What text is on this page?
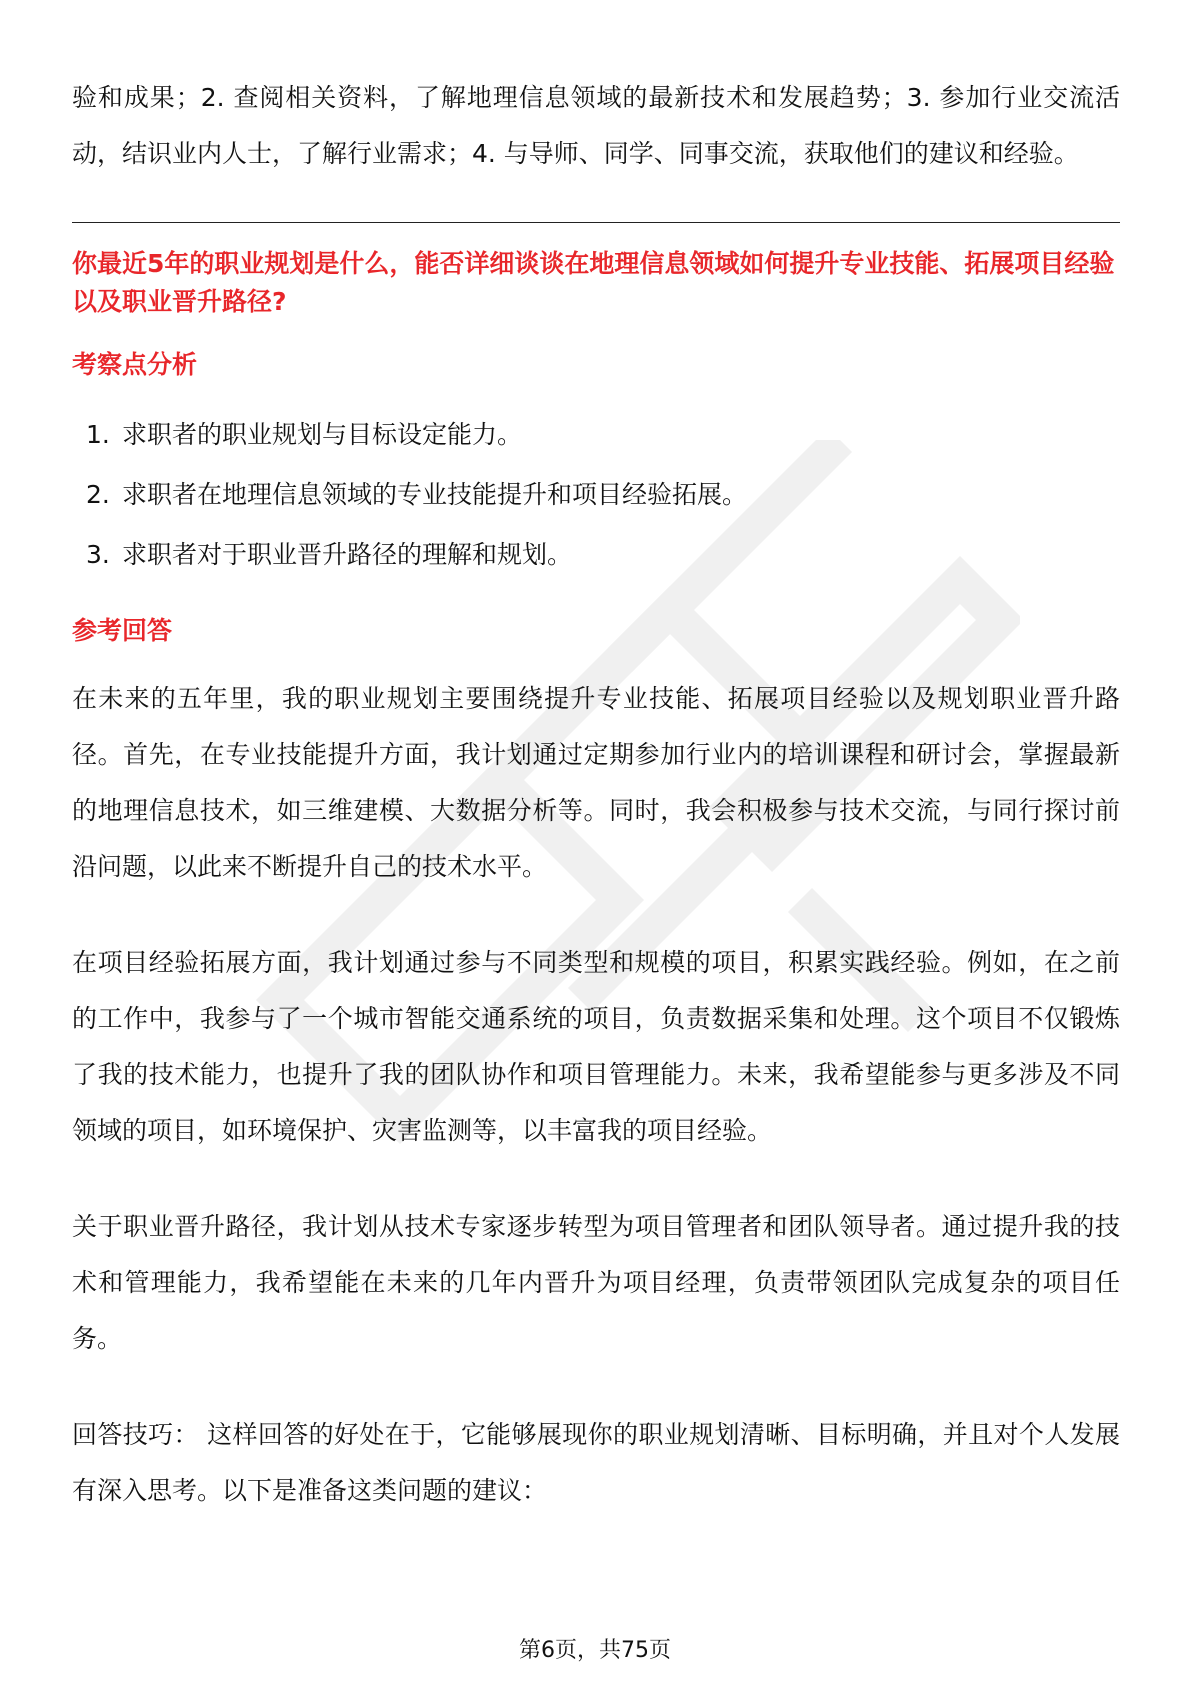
验和成果；2. 查阅相关资料，了解地理信息领域的最新技术和发展趋势；3. 参加行业交流活动，结识业内人士，了解行业需求；4. 与导师、同学、同事交流，获取他们的建议和经验。

你最近5年的职业规划是什么，能否详细谈谈在地理信息领域如何提升专业技能、拓展项目经验以及职业晋升路径?

考察点分析
1. 求职者的职业规划与目标设定能力。
2. 求职者在地理信息领域的专业技能提升和项目经验拓展。
3. 求职者对于职业晋升路径的理解和规划。
参考回答

在未来的五年里，我的职业规划主要围绕提升专业技能、拓展项目经验以及规划职业晋升路径。首先，在专业技能提升方面，我计划通过定期参加行业内的培训课程和研讨会，掌握最新的地理信息技术，如三维建模、大数据分析等。同时，我会积极参与技术交流，与同行探讨前沿问题，以此来不断提升自己的技术水平。

在项目经验拓展方面，我计划通过参与不同类型和规模的项目，积累实践经验。例如，在之前的工作中，我参与了一个城市智能交通系统的项目，负责数据采集和处理。这个项目不仅锻炼了我的技术能力，也提升了我的团队协作和项目管理能力。未来，我希望能参与更多涉及不同领域的项目，如环境保护、灾害监测等，以丰富我的项目经验。

关于职业晋升路径，我计划从技术专家逐步转型为项目管理者和团队领导者。通过提升我的技术和管理能力，我希望能在未来的几年内晋升为项目经理，负责带领团队完成复杂的项目任务。

回答技巧： 这样回答的好处在于，它能够展现你的职业规划清晰、目标明确，并且对个人发展有深入思考。以下是准备这类问题的建议：

第6页，共75页
